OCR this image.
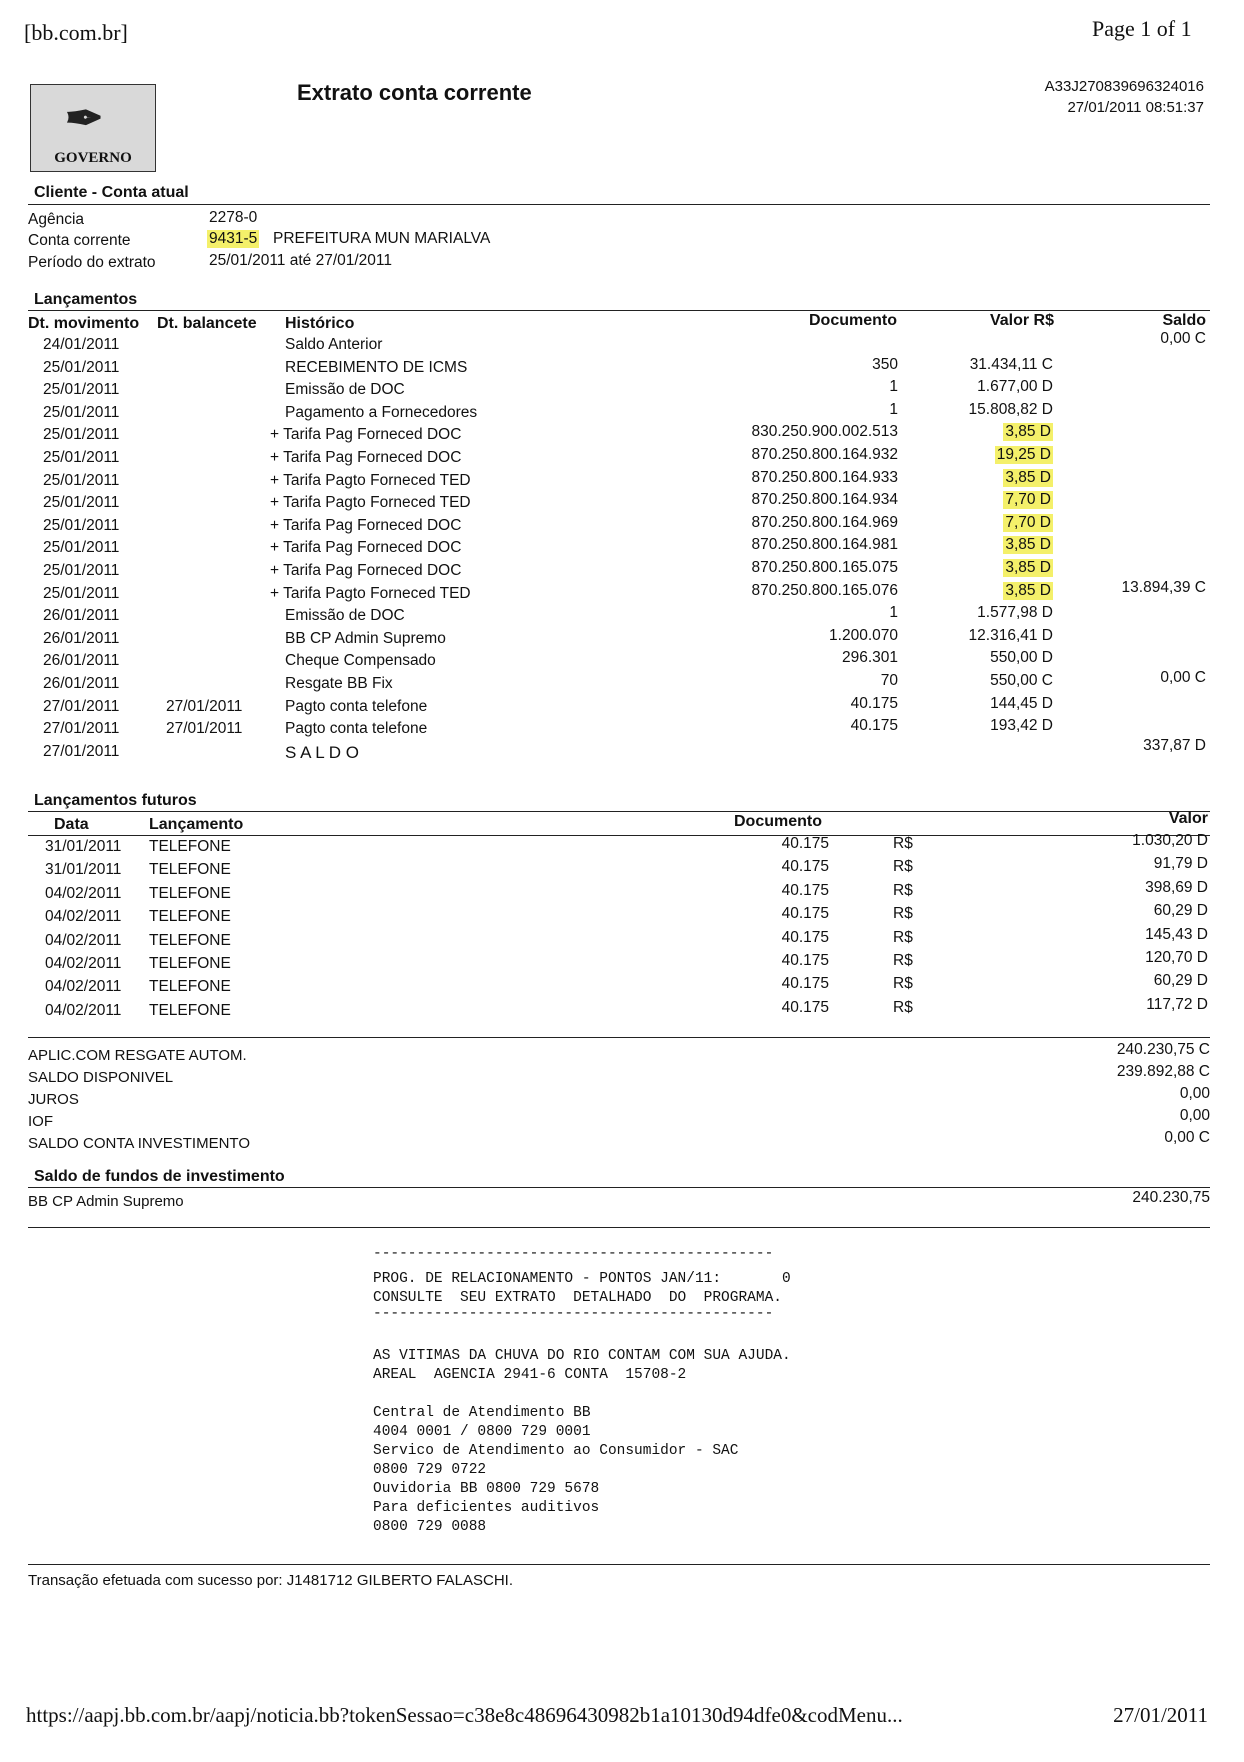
[bb.com.br]	Page 1 of 1
✒
GOVERNO
Extrato conta corrente	A33J270839696324016
27/01/2011 08:51:37
Cliente - Conta atual
Agência	2278-0
Conta corrente	9431-5 PREFEITURA MUN MARIALVA
Período do extrato	25/01/2011 até 27/01/2011
Lançamentos
Dt. movimento Dt. balancete Histórico	Documento	Valor R$	Saldo
24/01/2011	Saldo Anterior	0,00 C
25/01/2011	RECEBIMENTO DE ICMS	350	31.434,11 C
25/01/2011	Emissão de DOC	1	1.677,00 D
25/01/2011	Pagamento a Fornecedores	1	15.808,82 D
25/01/2011	+ Tarifa Pag Forneced DOC	830.250.900.002.513	3,85 D
25/01/2011	+ Tarifa Pag Forneced DOC	870.250.800.164.932	19,25 D
25/01/2011	+ Tarifa Pagto Forneced TED	870.250.800.164.933	3,85 D
25/01/2011	+ Tarifa Pagto Forneced TED	870.250.800.164.934	7,70 D
25/01/2011	+ Tarifa Pag Forneced DOC	870.250.800.164.969	7,70 D
25/01/2011	+ Tarifa Pag Forneced DOC	870.250.800.164.981	3,85 D
25/01/2011	+ Tarifa Pag Forneced DOC	870.250.800.165.075	3,85 D
25/01/2011	+ Tarifa Pagto Forneced TED	870.250.800.165.076	3,85 D	13.894,39 C
26/01/2011	Emissão de DOC	1	1.577,98 D
26/01/2011	BB CP Admin Supremo	1.200.070	12.316,41 D
26/01/2011	Cheque Compensado	296.301	550,00 D
26/01/2011	Resgate BB Fix	70	550,00 C	0,00 C
27/01/2011	27/01/2011	Pagto conta telefone	40.175	144,45 D
27/01/2011	27/01/2011	Pagto conta telefone	40.175	193,42 D
27/01/2011	S A L D O	337,87 D
Lançamentos futuros
Data	Lançamento	Documento	Valor
31/01/2011 TELEFONE	40.175	R$	1.030,20 D
31/01/2011 TELEFONE	40.175	R$	91,79 D
04/02/2011 TELEFONE	40.175	R$	398,69 D
04/02/2011 TELEFONE	40.175	R$	60,29 D
04/02/2011 TELEFONE	40.175	R$	145,43 D
04/02/2011 TELEFONE	40.175	R$	120,70 D
04/02/2011 TELEFONE	40.175	R$	60,29 D
04/02/2011 TELEFONE	40.175	R$	117,72 D
APLIC.COM RESGATE AUTOM.	240.230,75 C
SALDO DISPONIVEL	239.892,88 C
JUROS	0,00
IOF	0,00
SALDO CONTA INVESTIMENTO	0,00 C
Saldo de fundos de investimento
BB CP Admin Supremo	240.230,75
----------------------------------------------
PROG. DE RELACIONAMENTO - PONTOS JAN/11:       0
CONSULTE  SEU EXTRATO  DETALHADO  DO  PROGRAMA.
----------------------------------------------
AS VITIMAS DA CHUVA DO RIO CONTAM COM SUA AJUDA.
AREAL  AGENCIA 2941-6 CONTA  15708-2
Central de Atendimento BB
4004 0001 / 0800 729 0001
Servico de Atendimento ao Consumidor - SAC
0800 729 0722
Ouvidoria BB 0800 729 5678
Para deficientes auditivos
0800 729 0088
Transação efetuada com sucesso por: J1481712 GILBERTO FALASCHI.
https://aapj.bb.com.br/aapj/noticia.bb?tokenSessao=c38e8c48696430982b1a10130d94dfe0&codMenu...	27/01/2011
